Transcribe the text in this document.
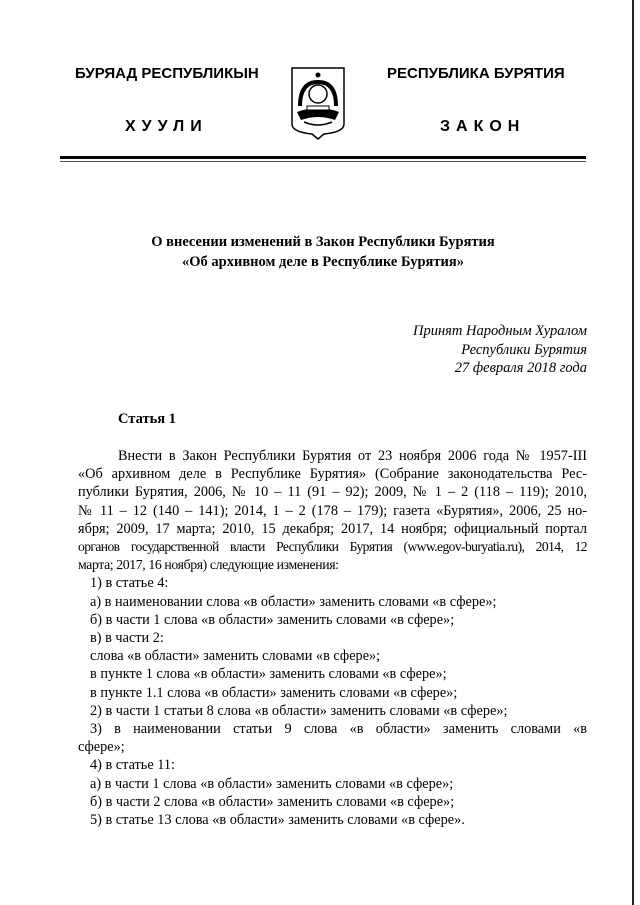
БУРЯАД РЕСПУБЛИКЫН
ХУУЛИ
РЕСПУБЛИКА БУРЯТИЯ
ЗАКОН
О внесении изменений в Закон Республики Бурятия
«Об архивном деле в Республике Бурятия»
Принят Народным Хуралом
Республики Бурятия
27 февраля 2018 года
Статья 1
Внести в Закон Республики Бурятия от 23 ноября 2006 года № 1957-III
«Об архивном деле в Республике Бурятия» (Собрание законодательства Рес-
публики Бурятия, 2006, № 10 – 11 (91 – 92); 2009, № 1 – 2 (118 – 119); 2010,
№ 11 – 12 (140 – 141); 2014, 1 – 2 (178 – 179); газета «Бурятия», 2006, 25 но-
ября; 2009, 17 марта; 2010, 15 декабря; 2017, 14 ноября; официальный портал
органов государственной власти Республики Бурятия (www.egov-buryatia.ru), 2014, 12
марта; 2017, 16 ноября) следующие изменения:
1) в статье 4:
а) в наименовании слова «в области» заменить словами «в сфере»;
б) в части 1 слова «в области» заменить словами «в сфере»;
в) в части 2:
слова «в области» заменить словами «в сфере»;
в пункте 1 слова «в области» заменить словами «в сфере»;
в пункте 1.1 слова «в области» заменить словами «в сфере»;
2) в части 1 статьи 8 слова «в области» заменить словами «в сфере»;
3) в наименовании статьи 9 слова «в области» заменить словами «в
сфере»;
4) в статье 11:
а) в части 1 слова «в области» заменить словами «в сфере»;
б) в части 2 слова «в области» заменить словами «в сфере»;
5) в статье 13 слова «в области» заменить словами «в сфере».
